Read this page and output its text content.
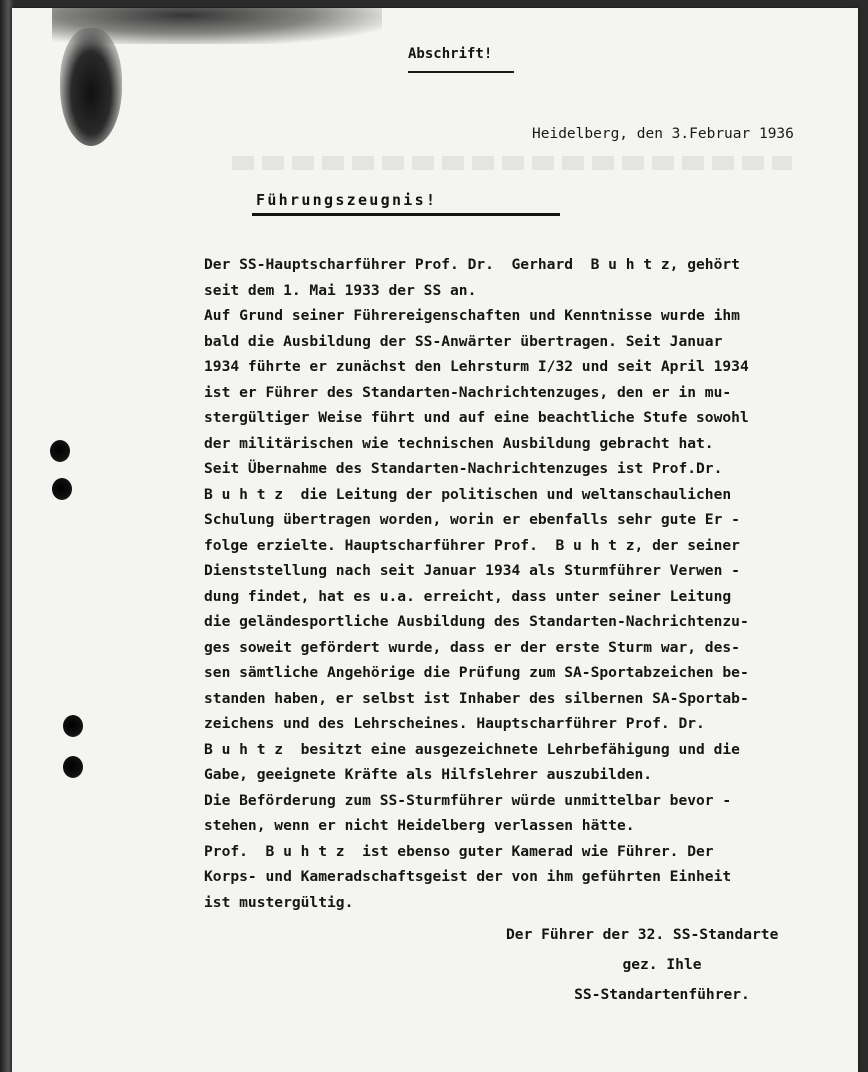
Abschrift!
Heidelberg, den 3.Februar 1936
Führungszeugnis!
Der SS-Hauptscharführer Prof. Dr.  Gerhard  B u h t z, gehört
seit dem 1. Mai 1933 der SS an.
Auf Grund seiner Führereigenschaften und Kenntnisse wurde ihm
bald die Ausbildung der SS-Anwärter übertragen. Seit Januar
1934 führte er zunächst den Lehrsturm I/32 und seit April 1934
ist er Führer des Standarten-Nachrichtenzuges, den er in mu-
stergültiger Weise führt und auf eine beachtliche Stufe sowohl
der militärischen wie technischen Ausbildung gebracht hat.
Seit Übernahme des Standarten-Nachrichtenzuges ist Prof.Dr.
B u h t z  die Leitung der politischen und weltanschaulichen
Schulung übertragen worden, worin er ebenfalls sehr gute Er -
folge erzielte. Hauptscharführer Prof.  B u h t z, der seiner
Dienststellung nach seit Januar 1934 als Sturmführer Verwen -
dung findet, hat es u.a. erreicht, dass unter seiner Leitung
die geländesportliche Ausbildung des Standarten-Nachrichtenzu-
ges soweit gefördert wurde, dass er der erste Sturm war, des-
sen sämtliche Angehörige die Prüfung zum SA-Sportabzeichen be-
standen haben, er selbst ist Inhaber des silbernen SA-Sportab-
zeichens und des Lehrscheines. Hauptscharführer Prof. Dr.
B u h t z  besitzt eine ausgezeichnete Lehrbefähigung und die
Gabe, geeignete Kräfte als Hilfslehrer auszubilden.
Die Beförderung zum SS-Sturmführer würde unmittelbar bevor -
stehen, wenn er nicht Heidelberg verlassen hätte.
Prof.  B u h t z  ist ebenso guter Kamerad wie Führer. Der
Korps- und Kameradschaftsgeist der von ihm geführten Einheit
ist mustergültig.
Der Führer der 32. SS-Standarte
gez. Ihle
SS-Standartenführer.
